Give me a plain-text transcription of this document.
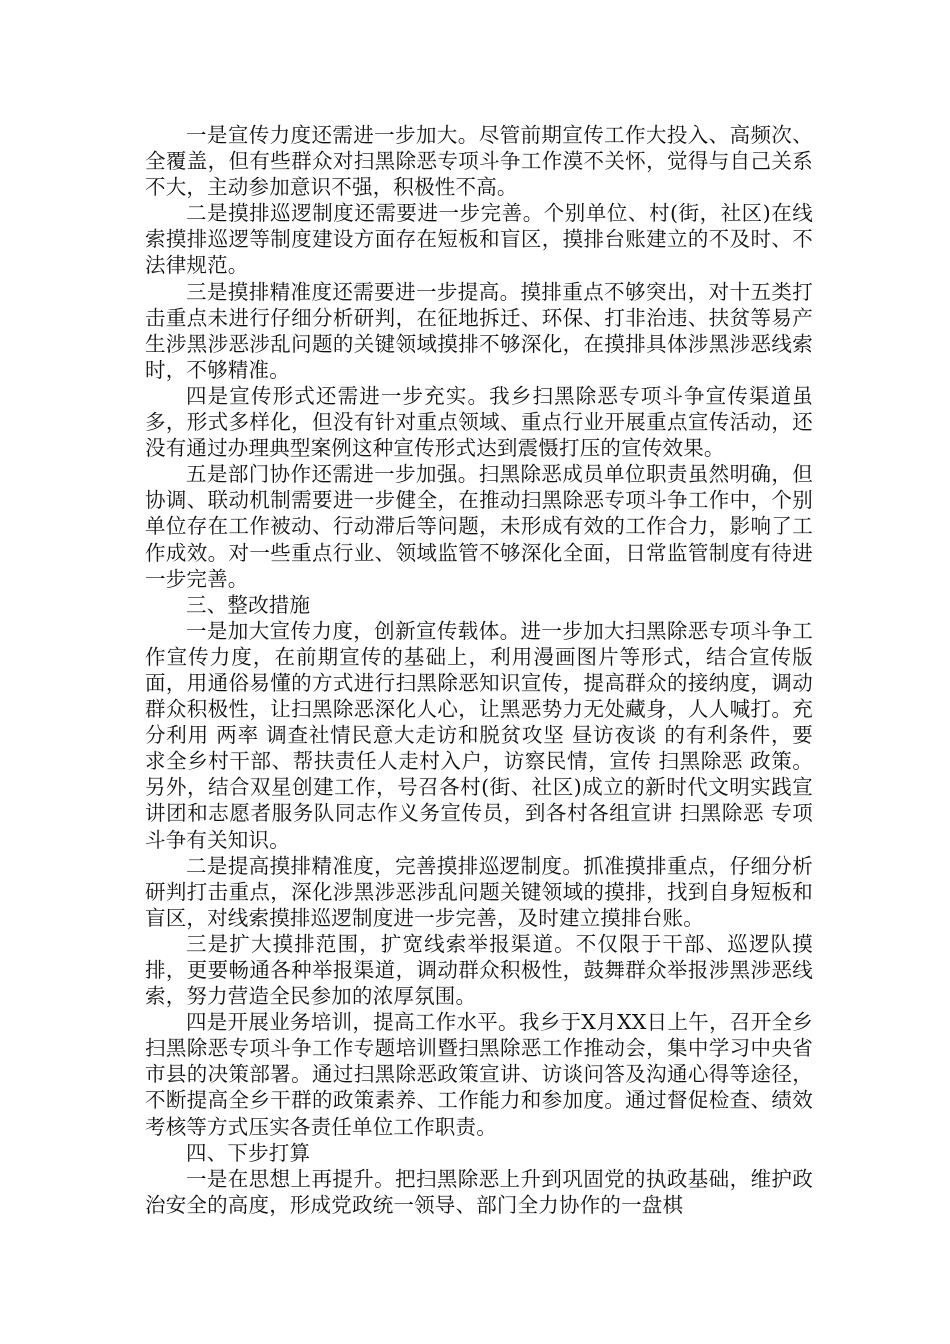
一是宣传力度还需进一步加大。尽管前期宣传工作大投入、高频次、全覆盖，但有些群众对扫黑除恶专项斗争工作漠不关怀，觉得与自己关系不大，主动参加意识不强，积极性不高。

二是摸排巡逻制度还需要进一步完善。个别单位、村(街，社区)在线索摸排巡逻等制度建设方面存在短板和盲区，摸排台账建立的不及时、不法律规范。

三是摸排精准度还需要进一步提高。摸排重点不够突出，对十五类打击重点未进行仔细分析研判，在征地拆迁、环保、打非治违、扶贫等易产生涉黑涉恶涉乱问题的关键领域摸排不够深化，在摸排具体涉黑涉恶线索时，不够精准。

四是宣传形式还需进一步充实。我乡扫黑除恶专项斗争宣传渠道虽多，形式多样化，但没有针对重点领域、重点行业开展重点宣传活动，还没有通过办理典型案例这种宣传形式达到震慑打压的宣传效果。

五是部门协作还需进一步加强。扫黑除恶成员单位职责虽然明确，但协调、联动机制需要进一步健全，在推动扫黑除恶专项斗争工作中，个别单位存在工作被动、行动滞后等问题，未形成有效的工作合力，影响了工作成效。对一些重点行业、领域监管不够深化全面，日常监管制度有待进一步完善。

三、整改措施

一是加大宣传力度，创新宣传载体。进一步加大扫黑除恶专项斗争工作宣传力度，在前期宣传的基础上，利用漫画图片等形式，结合宣传版面，用通俗易懂的方式进行扫黑除恶知识宣传，提高群众的接纳度，调动群众积极性，让扫黑除恶深化人心，让黑恶势力无处藏身，人人喊打。充分利用 两率 调查社情民意大走访和脱贫攻坚 昼访夜谈 的有利条件，要求全乡村干部、帮扶责任人走村入户，访察民情，宣传 扫黑除恶 政策。另外，结合双星创建工作，号召各村(街、社区)成立的新时代文明实践宣讲团和志愿者服务队同志作义务宣传员，到各村各组宣讲 扫黑除恶 专项斗争有关知识。

二是提高摸排精准度，完善摸排巡逻制度。抓准摸排重点，仔细分析研判打击重点，深化涉黑涉恶涉乱问题关键领域的摸排，找到自身短板和盲区，对线索摸排巡逻制度进一步完善，及时建立摸排台账。

三是扩大摸排范围，扩宽线索举报渠道。不仅限于干部、巡逻队摸排，更要畅通各种举报渠道，调动群众积极性，鼓舞群众举报涉黑涉恶线索，努力营造全民参加的浓厚氛围。

四是开展业务培训，提高工作水平。我乡于X月XX日上午，召开全乡扫黑除恶专项斗争工作专题培训暨扫黑除恶工作推动会，集中学习中央省市县的决策部署。通过扫黑除恶政策宣讲、访谈问答及沟通心得等途径，不断提高全乡干群的政策素养、工作能力和参加度。通过督促检查、绩效考核等方式压实各责任单位工作职责。

四、下步打算

一是在思想上再提升。把扫黑除恶上升到巩固党的执政基础，维护政治安全的高度，形成党政统一领导、部门全力协作的一盘棋
